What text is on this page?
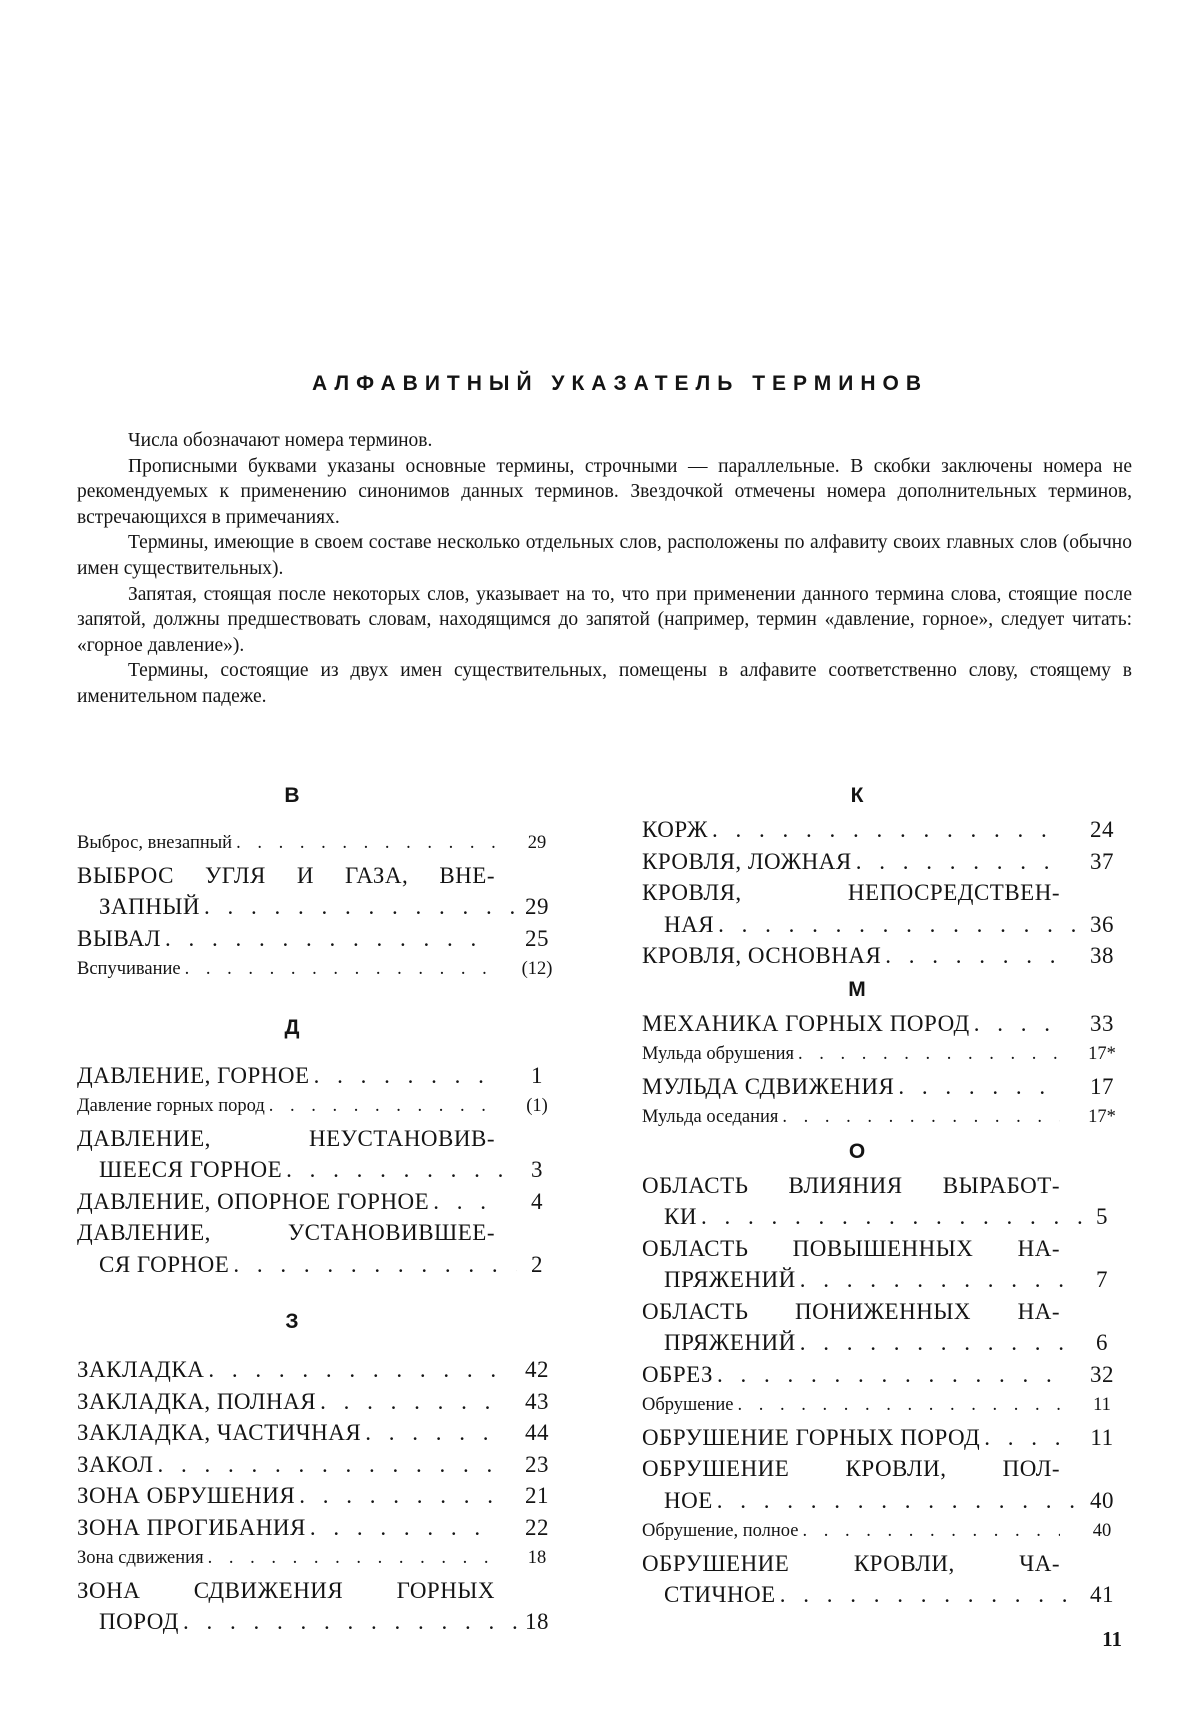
АЛФАВИТНЫЙ УКАЗАТЕЛЬ ТЕРМИНОВ

Числа обозначают номера терминов.

Прописными буквами указаны основные термины, строчными — параллельные. В скобки заключены номера не рекомендуемых к применению синонимов данных терминов. Звездочкой отмечены номера дополнительных терминов, встречающихся в примечаниях.

Термины, имеющие в своем составе несколько отдельных слов, расположены по алфавиту своих главных слов (обычно имен существительных).

Запятая, стоящая после некоторых слов, указывает на то, что при применении данного термина слова, стоящие после запятой, должны предшествовать словам, находящимся до запятой (например, термин «давление, горное», следует читать: «горное давление»).

Термины, состоящие из двух имен существительных, помещены в алфавите соответственно слову, стоящему в именительном падеже.

В
Выброс, внезапный
. . .	29
ВЫБРОС УГЛЯ И ГАЗА, ВНЕ-
ЗАПНЫЙ
. . .	29
ВЫВАЛ
. . .	25
Вспучивание
. . .	(12)
Д
ДАВЛЕНИЕ, ГОРНОЕ
. . .	1
Давление горных пород
. . .	(1)
ДАВЛЕНИЕ, НЕУСТАНОВИВ-
ШЕЕСЯ ГОРНОЕ
. . .	3
ДАВЛЕНИЕ, ОПОРНОЕ ГОРНОЕ
. . .	4
ДАВЛЕНИЕ, УСТАНОВИВШЕЕ-
СЯ ГОРНОЕ
. . .	2
З
ЗАКЛАДКА
. . .	42
ЗАКЛАДКА, ПОЛНАЯ
. . .	43
ЗАКЛАДКА, ЧАСТИЧНАЯ
. . .	44
ЗАКОЛ
. . .	23
ЗОНА ОБРУШЕНИЯ
. . .	21
ЗОНА ПРОГИБАНИЯ
. . .	22
Зона сдвижения
. . .	18
ЗОНА СДВИЖЕНИЯ ГОРНЫХ
ПОРОД
. . .	18
К
КОРЖ
. . .	24
КРОВЛЯ, ЛОЖНАЯ
. . .	37
КРОВЛЯ, НЕПОСРЕДСТВЕН-
НАЯ
. . .	36
КРОВЛЯ, ОСНОВНАЯ
. . .	38
М
МЕХАНИКА ГОРНЫХ ПОРОД
. . .	33
Мульда обрушения
. . .	17*
МУЛЬДА СДВИЖЕНИЯ
. . .	17
Мульда оседания
. . .	17*
О
ОБЛАСТЬ ВЛИЯНИЯ ВЫРАБОТ-
КИ
. . .	5
ОБЛАСТЬ ПОВЫШЕННЫХ НА-
ПРЯЖЕНИЙ
. . .	7
ОБЛАСТЬ ПОНИЖЕННЫХ НА-
ПРЯЖЕНИЙ
. . .	6
ОБРЕЗ
. . .	32
Обрушение
. . .	11
ОБРУШЕНИЕ ГОРНЫХ ПОРОД
. . .	11
ОБРУШЕНИЕ КРОВЛИ, ПОЛ-
НОЕ
. . .	40
Обрушение, полное
. . .	40
ОБРУШЕНИЕ КРОВЛИ, ЧА-
СТИЧНОЕ
. . .	41
11
